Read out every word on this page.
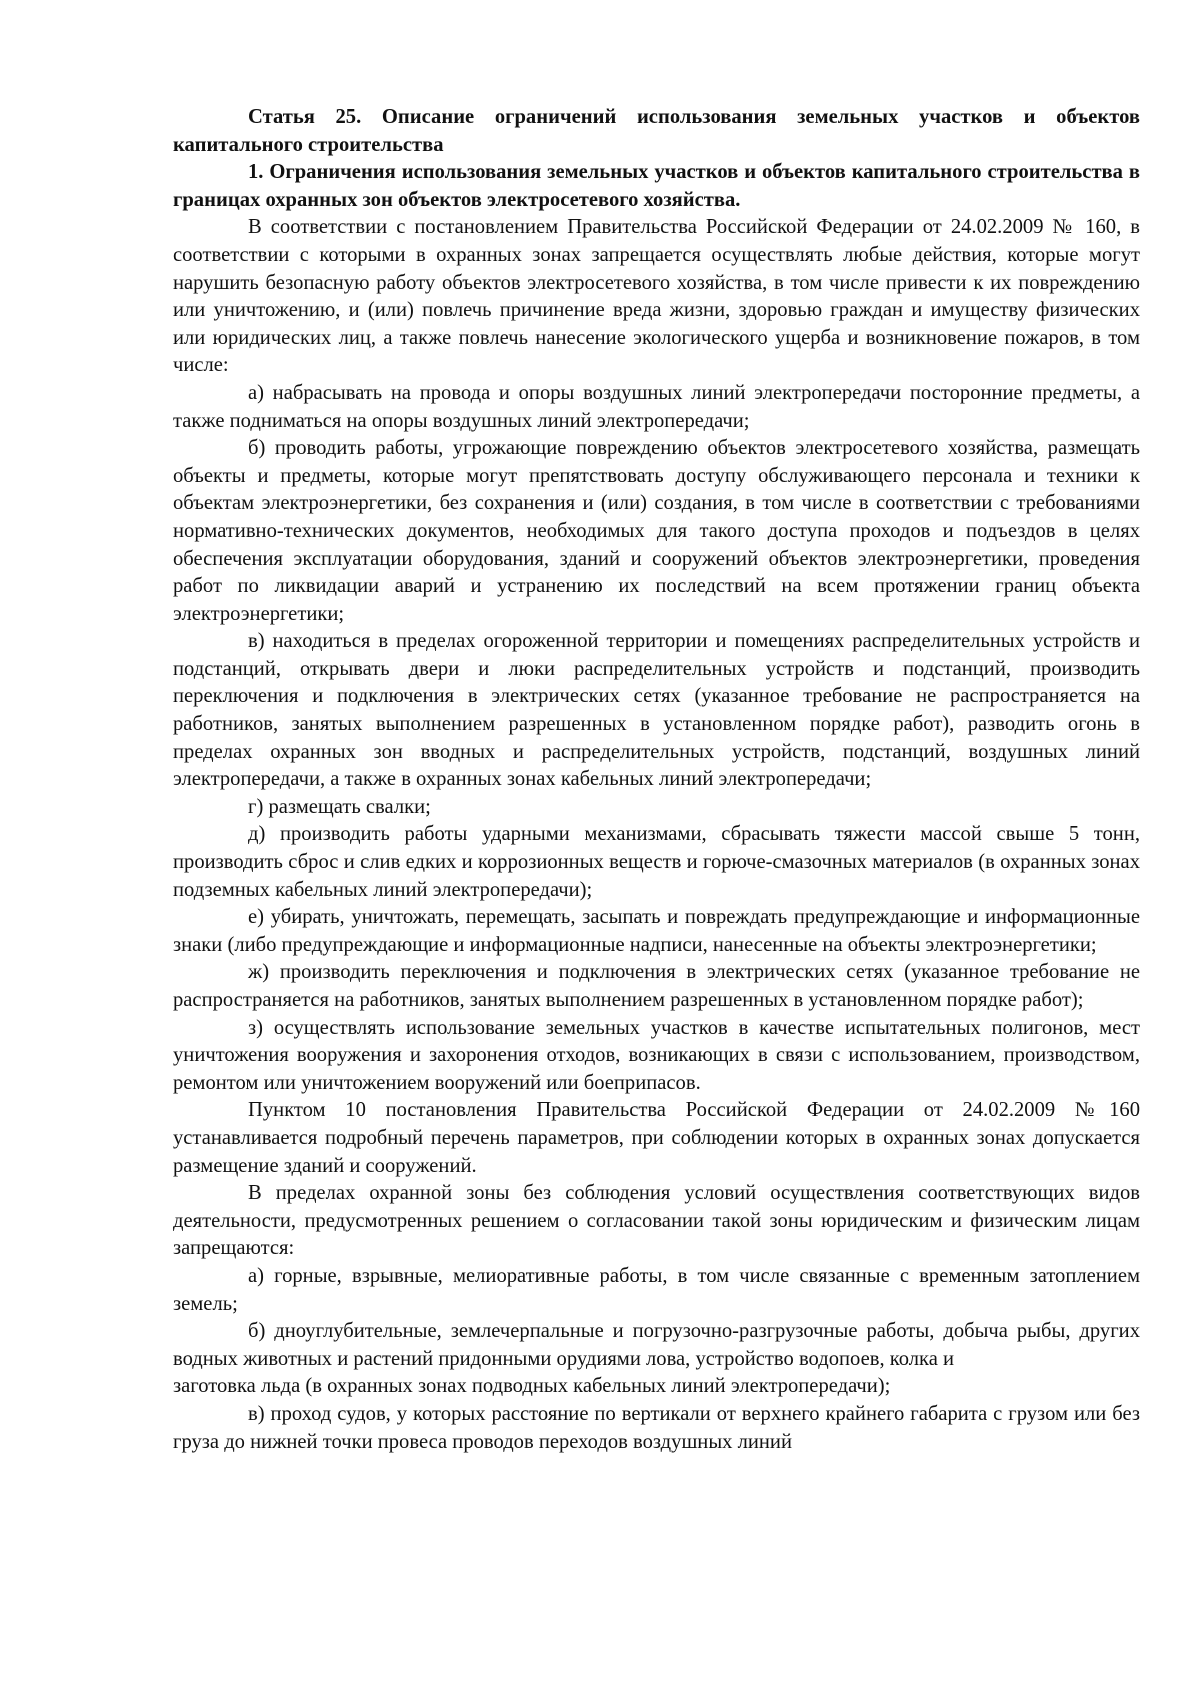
Статья 25. Описание ограничений использования земельных участков и объектов капитального строительства

1. Ограничения использования земельных участков и объектов капитального строительства в границах охранных зон объектов электросетевого хозяйства.

В соответствии с постановлением Правительства Российской Федерации от 24.02.2009 № 160, в соответствии с которыми в охранных зонах запрещается осуществлять любые действия, которые могут нарушить безопасную работу объектов электросетевого хозяйства, в том числе привести к их повреждению или уничтожению, и (или) повлечь причинение вреда жизни, здоровью граждан и имуществу физических или юридических лиц, а также повлечь нанесение экологического ущерба и возникновение пожаров, в том числе:

а) набрасывать на провода и опоры воздушных линий электропередачи посторонние предметы, а также подниматься на опоры воздушных линий электропередачи;

б) проводить работы, угрожающие повреждению объектов электросетевого хозяйства, размещать объекты и предметы, которые могут препятствовать доступу обслуживающего персонала и техники к объектам электроэнергетики, без сохранения и (или) создания, в том числе в соответствии с требованиями нормативно-технических документов, необходимых для такого доступа проходов и подъездов в целях обеспечения эксплуатации оборудования, зданий и сооружений объектов электроэнергетики, проведения работ по ликвидации аварий и устранению их последствий на всем протяжении границ объекта электроэнергетики;

в) находиться в пределах огороженной территории и помещениях распределительных устройств и подстанций, открывать двери и люки распределительных устройств и подстанций, производить переключения и подключения в электрических сетях (указанное требование не распространяется на работников, занятых выполнением разрешенных в установленном порядке работ), разводить огонь в пределах охранных зон вводных и распределительных устройств, подстанций, воздушных линий электропередачи, а также в охранных зонах кабельных линий электропередачи;

г) размещать свалки;

д) производить работы ударными механизмами, сбрасывать тяжести массой свыше 5 тонн, производить сброс и слив едких и коррозионных веществ и горюче-смазочных материалов (в охранных зонах подземных кабельных линий электропередачи);

е) убирать, уничтожать, перемещать, засыпать и повреждать предупреждающие и информационные знаки (либо предупреждающие и информационные надписи, нанесенные на объекты электроэнергетики;

ж) производить переключения и подключения в электрических сетях (указанное требование не распространяется на работников, занятых выполнением разрешенных в установленном порядке работ);

з) осуществлять использование земельных участков в качестве испытательных полигонов, мест уничтожения вооружения и захоронения отходов, возникающих в связи с использованием, производством, ремонтом или уничтожением вооружений или боеприпасов.

Пунктом 10 постановления Правительства Российской Федерации от 24.02.2009 №160 устанавливается подробный перечень параметров, при соблюдении которых в охранных зонах допускается размещение зданий и сооружений.

В пределах охранной зоны без соблюдения условий осуществления соответствующих видов деятельности, предусмотренных решением о согласовании такой зоны юридическим и физическим лицам запрещаются:

а) горные, взрывные, мелиоративные работы, в том числе связанные с временным затоплением земель;

б) дноуглубительные, землечерпальные и погрузочно-разгрузочные работы, добыча рыбы, других водных животных и растений придонными орудиями лова, устройство водопоев, колка и

заготовка льда (в охранных зонах подводных кабельных линий электропередачи);

в) проход судов, у которых расстояние по вертикали от верхнего крайнего габарита с грузом или без груза до нижней точки провеса проводов переходов воздушных линий
